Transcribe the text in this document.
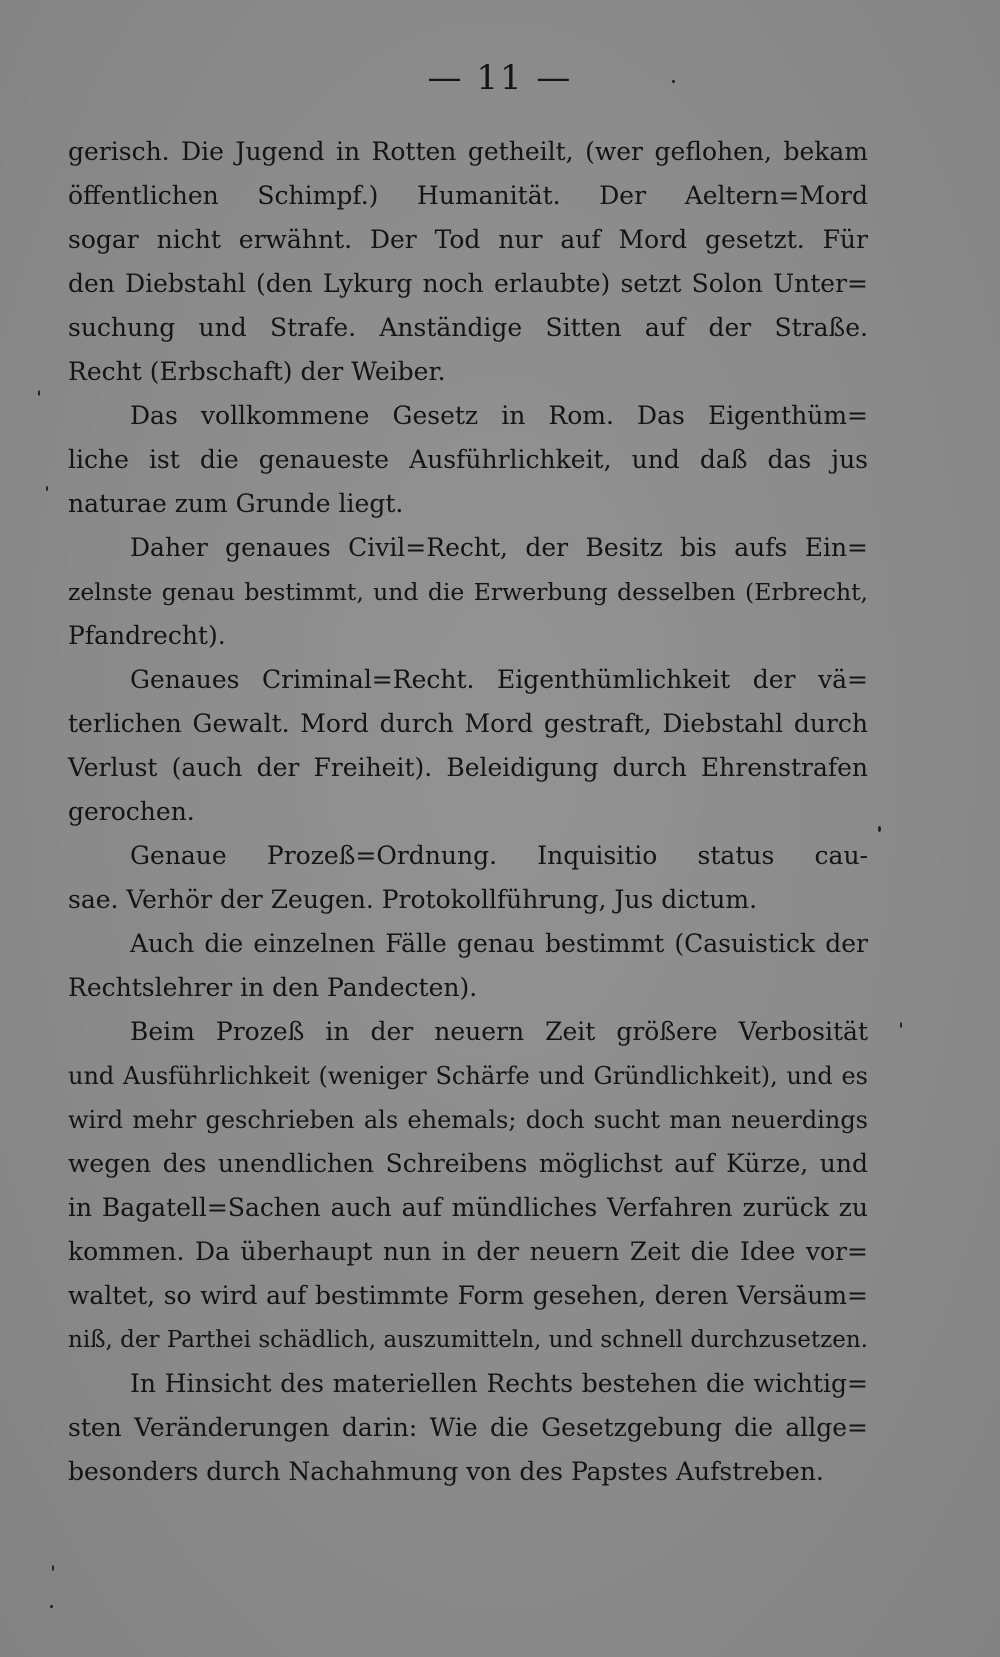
— 11 —
gerisch. Die Jugend in Rotten getheilt, (wer geflohen, bekam
öffentlichen Schimpf.) Humanität. Der Aeltern=Mord
sogar nicht erwähnt. Der Tod nur auf Mord gesetzt. Für
den Diebstahl (den Lykurg noch erlaubte) setzt Solon Unter=
suchung und Strafe. Anständige Sitten auf der Straße.
Recht (Erbschaft) der Weiber.
Das vollkommene Gesetz in Rom. Das Eigenthüm=
liche ist die genaueste Ausführlichkeit, und daß das jus
naturae zum Grunde liegt.
Daher genaues Civil=Recht, der Besitz bis aufs Ein=
zelnste genau bestimmt, und die Erwerbung desselben (Erbrecht,
Pfandrecht).
Genaues Criminal=Recht. Eigenthümlichkeit der vä=
terlichen Gewalt. Mord durch Mord gestraft, Diebstahl durch
Verlust (auch der Freiheit). Beleidigung durch Ehrenstrafen
gerochen.
Genaue Prozeß=Ordnung. Inquisitio status cau-
sae. Verhör der Zeugen. Protokollführung, Jus dictum.
Auch die einzelnen Fälle genau bestimmt (Casuistick der
Rechtslehrer in den Pandecten).
Beim Prozeß in der neuern Zeit größere Verbosität
und Ausführlichkeit (weniger Schärfe und Gründlichkeit), und es
wird mehr geschrieben als ehemals; doch sucht man neuerdings
wegen des unendlichen Schreibens möglichst auf Kürze, und
in Bagatell=Sachen auch auf mündliches Verfahren zurück zu
kommen. Da überhaupt nun in der neuern Zeit die Idee vor=
waltet, so wird auf bestimmte Form gesehen, deren Versäum=
niß, der Parthei schädlich, auszumitteln, und schnell durchzusetzen.
In Hinsicht des materiellen Rechts bestehen die wichtig=
sten Veränderungen darin: Wie die Gesetzgebung die allge=
besonders durch Nachahmung von des Papstes Aufstreben.
